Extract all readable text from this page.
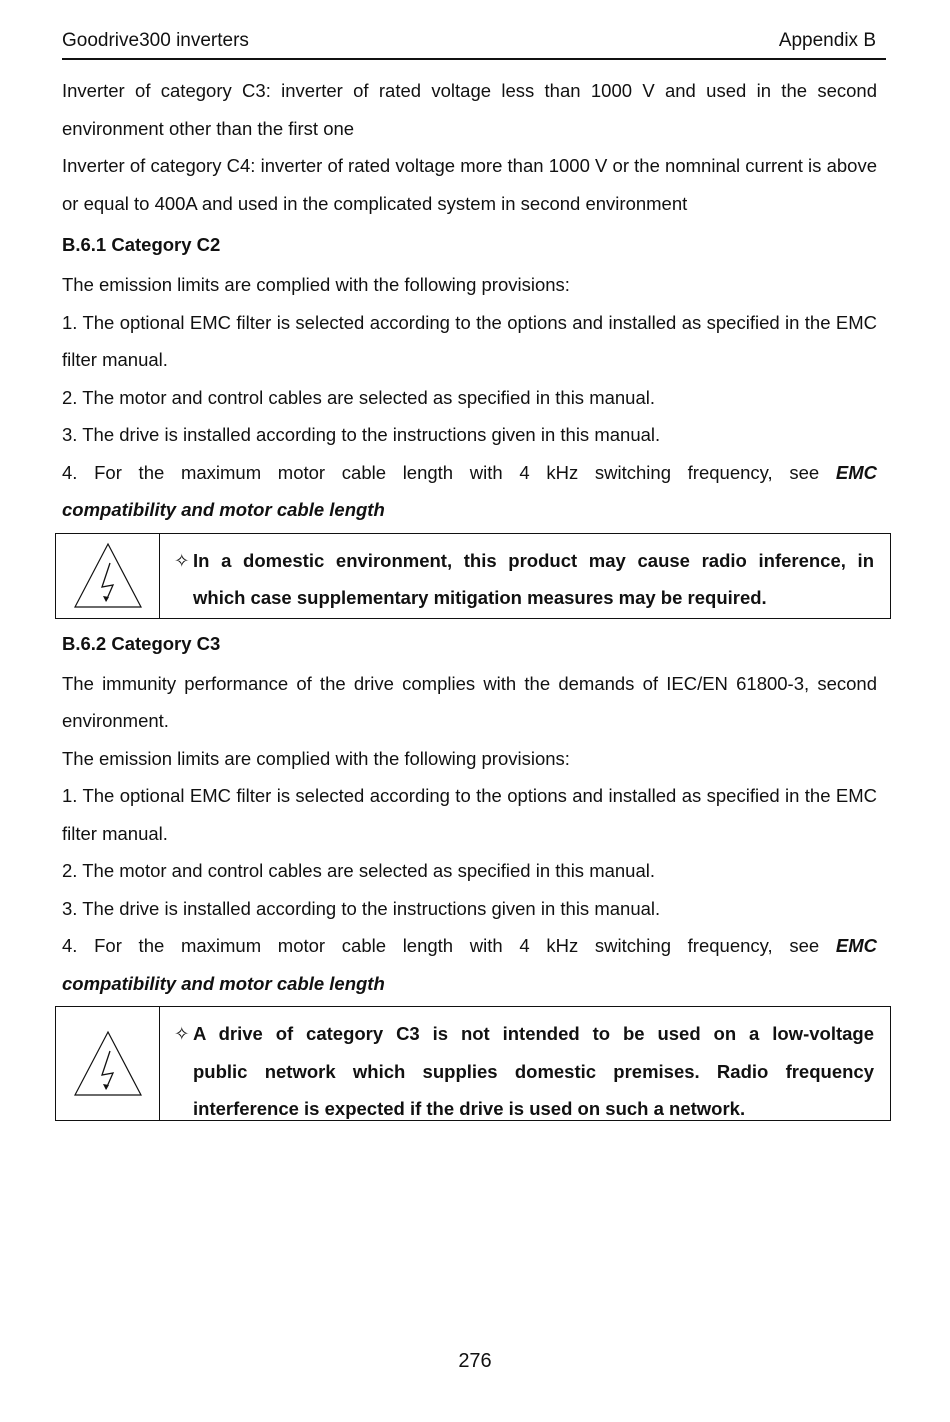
Goodrive300 inverters	Appendix B

Inverter of category C3: inverter of rated voltage less than 1000 V and used in the second environment other than the first one

Inverter of category C4: inverter of rated voltage more than 1000 V or the nomninal current is above or equal to 400A and used in the complicated system in second environment

B.6.1 Category C2

The emission limits are complied with the following provisions:

1. The optional EMC filter is selected according to the options and installed as specified in the EMC filter manual.

2. The motor and control cables are selected as specified in this manual.

3. The drive is installed according to the instructions given in this manual.

4. For the maximum motor cable length with 4 kHz switching frequency, see EMC

compatibility and motor cable length

✧ In a domestic environment, this product may cause radio inference, in
which case supplementary mitigation measures may be required.
B.6.2 Category C3

The immunity performance of the drive complies with the demands of IEC/EN 61800-3, second environment.

The emission limits are complied with the following provisions:

1. The optional EMC filter is selected according to the options and installed as specified in the EMC filter manual.

2. The motor and control cables are selected as specified in this manual.

3. The drive is installed according to the instructions given in this manual.

4. For the maximum motor cable length with 4 kHz switching frequency, see EMC

compatibility and motor cable length

✧ A drive of category C3 is not intended to be used on a low-voltage
public network which supplies domestic premises. Radio frequency
interference is expected if the drive is used on such a network.
276
